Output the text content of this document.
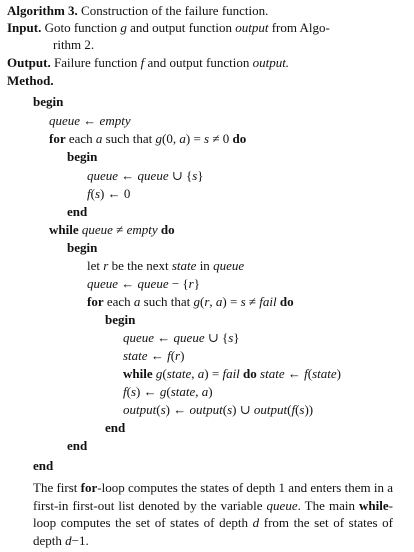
Algorithm 3. Construction of the failure function.
Input. Goto function g and output function output from Algo-
rithm 2.
Output. Failure function f and output function output.
Method.
begin
queue ← empty
for each a such that g(0, a) = s ≠ 0 do
begin
queue ← queue ∪ {s}
f(s) ← 0
end
while queue ≠ empty do
begin
let r be the next state in queue
queue ← queue − {r}
for each a such that g(r, a) = s ≠ fail do
begin
queue ← queue ∪ {s}
state ← f(r)
while g(state, a) = fail do state ← f(state)
f(s) ← g(state, a)
output(s) ← output(s) ∪ output(f(s))
end
end
end
The first for-loop computes the states of depth 1 and enters them in a first-in first-out list denoted by the variable queue. The main while-loop computes the set of states of depth d from the set of states of depth d−1.
